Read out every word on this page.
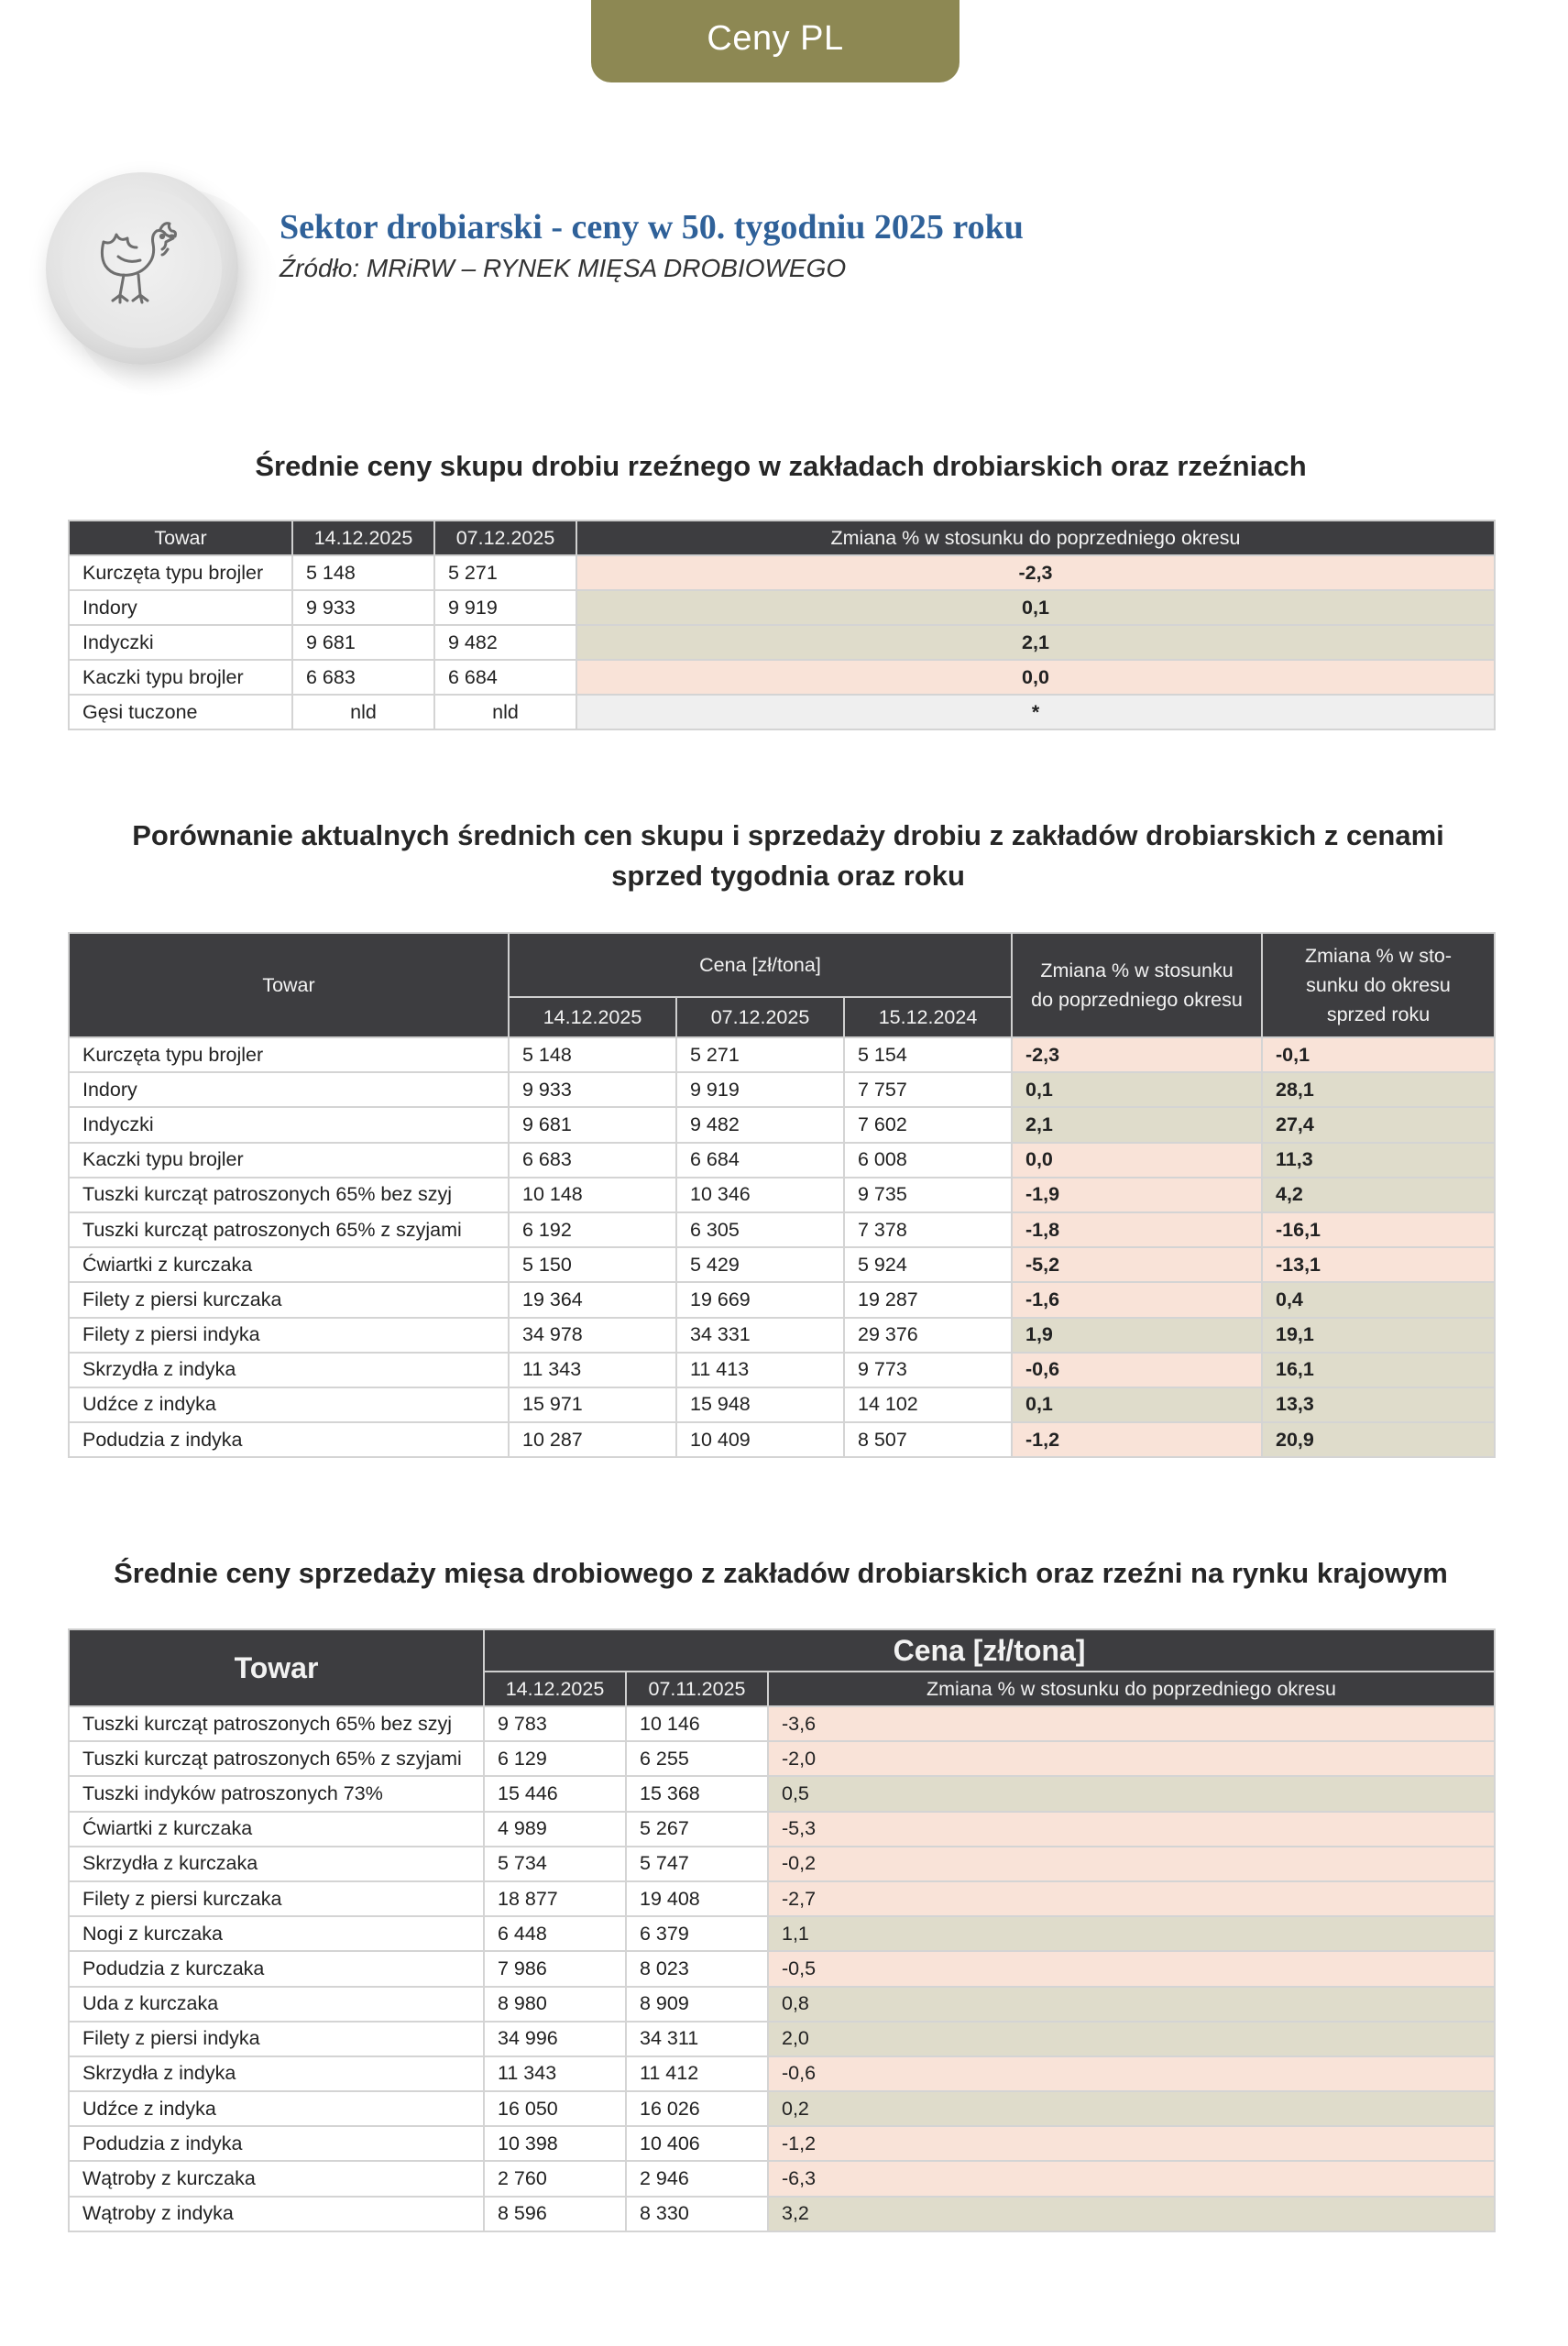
Ceny PL
Sektor drobiarski - ceny w 50. tygodniu 2025 roku
Źródło: MRiRW – RYNEK MIĘSA DROBIOWEGO
Średnie ceny skupu drobiu rzeźnego w zakładach drobiarskich oraz rzeźniach
Towar	14.12.2025	07.12.2025	Zmiana % w stosunku do poprzedniego okresu
Kurczęta typu brojler	5 148	5 271	-2,3
Indory	9 933	9 919	0,1
Indyczki	9 681	9 482	2,1
Kaczki typu brojler	6 683	6 684	0,0
Gęsi tuczone	nld	nld	*
Porównanie aktualnych średnich cen skupu i sprzedaży drobiu z zakładów drobiarskich z cenami sprzed tygodnia oraz roku
Towar	Cena [zł/tona]			Zmiana % w stosunku do poprzedniego okresu	Zmiana % w sto-sunku do okresu sprzed roku
	14.12.2025	07.12.2025	15.12.2024		
Kurczęta typu brojler	5 148	5 271	5 154	-2,3	-0,1
Indory	9 933	9 919	7 757	0,1	28,1
Indyczki	9 681	9 482	7 602	2,1	27,4
Kaczki typu brojler	6 683	6 684	6 008	0,0	11,3
Tuszki kurcząt patroszonych 65% bez szyj	10 148	10 346	9 735	-1,9	4,2
Tuszki kurcząt patroszonych 65% z szyjami	6 192	6 305	7 378	-1,8	-16,1
Ćwiartki z kurczaka	5 150	5 429	5 924	-5,2	-13,1
Filety z piersi kurczaka	19 364	19 669	19 287	-1,6	0,4
Filety z piersi indyka	34 978	34 331	29 376	1,9	19,1
Skrzydła z indyka	11 343	11 413	9 773	-0,6	16,1
Udźce z indyka	15 971	15 948	14 102	0,1	13,3
Podudzia z indyka	10 287	10 409	8 507	-1,2	20,9
Średnie ceny sprzedaży mięsa drobiowego z zakładów drobiarskich oraz rzeźni na rynku krajowym
Towar	Cena [zł/tona]		
	14.12.2025	07.11.2025	Zmiana % w stosunku do poprzedniego okresu
Tuszki kurcząt patroszonych 65% bez szyj	9 783	10 146	-3,6
Tuszki kurcząt patroszonych 65% z szyjami	6 129	6 255	-2,0
Tuszki indyków patroszonych 73%	15 446	15 368	0,5
Ćwiartki z kurczaka	4 989	5 267	-5,3
Skrzydła z kurczaka	5 734	5 747	-0,2
Filety z piersi kurczaka	18 877	19 408	-2,7
Nogi z kurczaka	6 448	6 379	1,1
Podudzia z kurczaka	7 986	8 023	-0,5
Uda z kurczaka	8 980	8 909	0,8
Filety z piersi indyka	34 996	34 311	2,0
Skrzydła z indyka	11 343	11 412	-0,6
Udźce z indyka	16 050	16 026	0,2
Podudzia z indyka	10 398	10 406	-1,2
Wątroby z kurczaka	2 760	2 946	-6,3
Wątroby z indyka	8 596	8 330	3,2
